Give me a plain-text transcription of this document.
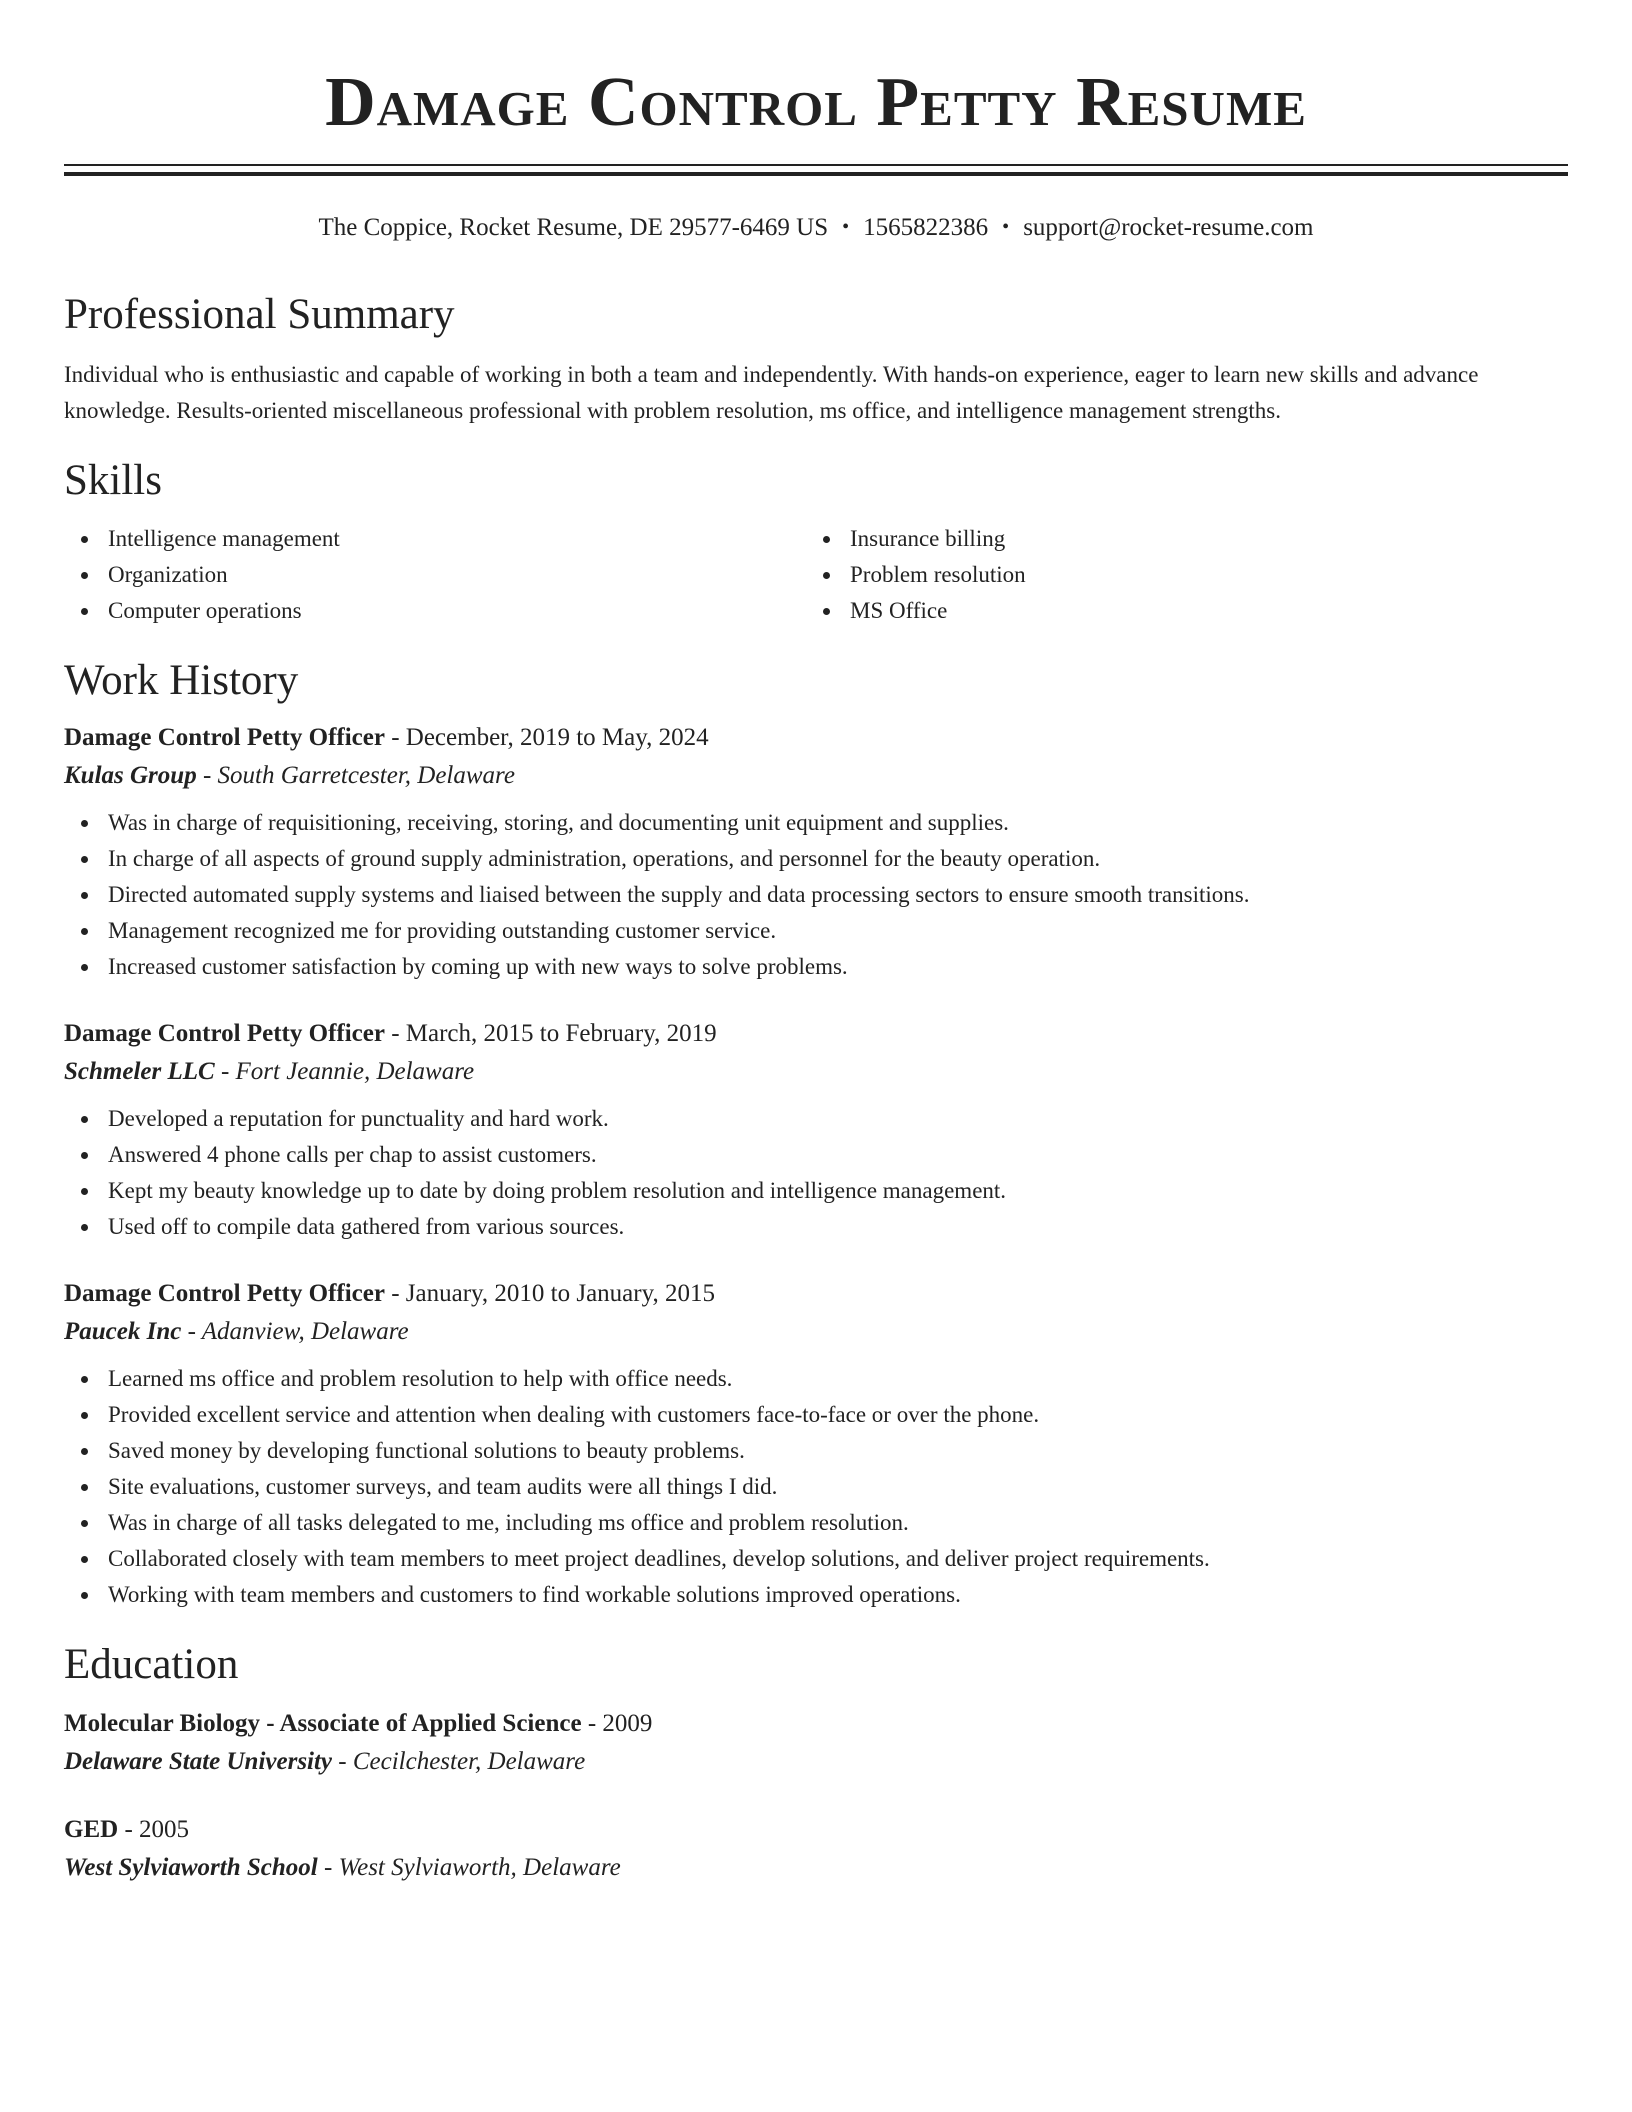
Damage Control Petty Resume
The Coppice, Rocket Resume, DE 29577-6469 US • 1565822386 • support@rocket-resume.com
Professional Summary

Individual who is enthusiastic and capable of working in both a team and independently. With hands-on experience, eager to learn new skills and advance knowledge. Results-oriented miscellaneous professional with problem resolution, ms office, and intelligence management strengths.

Skills
Intelligence management
Organization
Computer operations
Insurance billing
Problem resolution
MS Office
Work History
Damage Control Petty Officer - December, 2019 to May, 2024
Kulas Group - South Garretcester, Delaware
Was in charge of requisitioning, receiving, storing, and documenting unit equipment and supplies.
In charge of all aspects of ground supply administration, operations, and personnel for the beauty operation.
Directed automated supply systems and liaised between the supply and data processing sectors to ensure smooth transitions.
Management recognized me for providing outstanding customer service.
Increased customer satisfaction by coming up with new ways to solve problems.
Damage Control Petty Officer - March, 2015 to February, 2019
Schmeler LLC - Fort Jeannie, Delaware
Developed a reputation for punctuality and hard work.
Answered 4 phone calls per chap to assist customers.
Kept my beauty knowledge up to date by doing problem resolution and intelligence management.
Used off to compile data gathered from various sources.
Damage Control Petty Officer - January, 2010 to January, 2015
Paucek Inc - Adanview, Delaware
Learned ms office and problem resolution to help with office needs.
Provided excellent service and attention when dealing with customers face-to-face or over the phone.
Saved money by developing functional solutions to beauty problems.
Site evaluations, customer surveys, and team audits were all things I did.
Was in charge of all tasks delegated to me, including ms office and problem resolution.
Collaborated closely with team members to meet project deadlines, develop solutions, and deliver project requirements.
Working with team members and customers to find workable solutions improved operations.
Education
Molecular Biology - Associate of Applied Science - 2009
Delaware State University - Cecilchester, Delaware
GED - 2005
West Sylviaworth School - West Sylviaworth, Delaware
